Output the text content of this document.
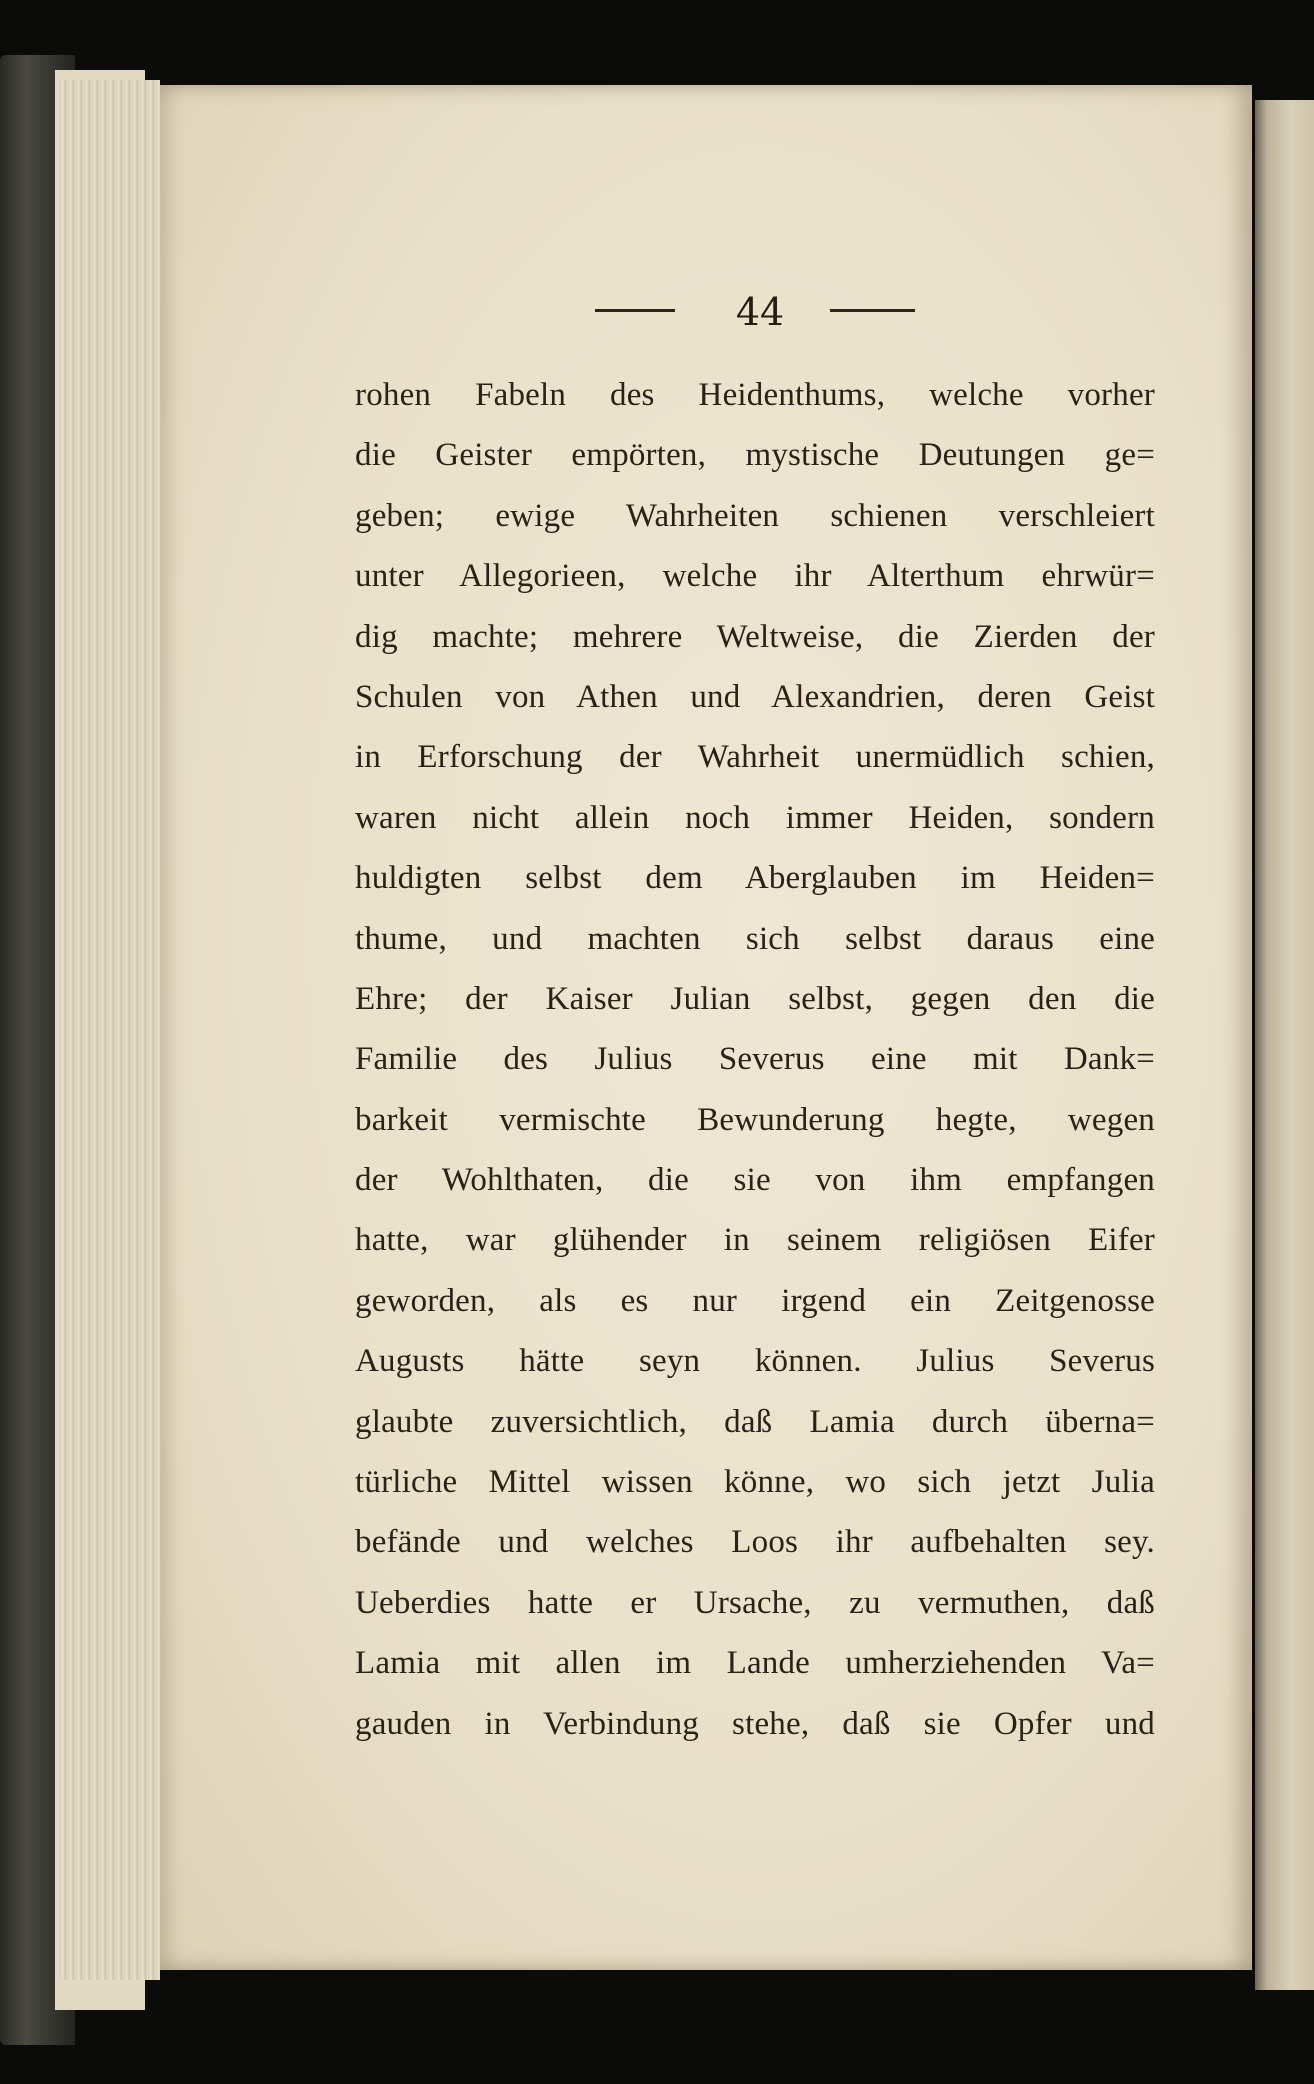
44
rohen Fabeln des Heidenthums, welche vorher
die Geister empörten, mystische Deutungen ge=
geben; ewige Wahrheiten schienen verschleiert
unter Allegorieen, welche ihr Alterthum ehrwür=
dig machte; mehrere Weltweise, die Zierden der
Schulen von Athen und Alexandrien, deren Geist
in Erforschung der Wahrheit unermüdlich schien,
waren nicht allein noch immer Heiden, sondern
huldigten selbst dem Aberglauben im Heiden=
thume, und machten sich selbst daraus eine
Ehre; der Kaiser Julian selbst, gegen den die
Familie des Julius Severus eine mit Dank=
barkeit vermischte Bewunderung hegte, wegen
der Wohlthaten, die sie von ihm empfangen
hatte, war glühender in seinem religiösen Eifer
geworden, als es nur irgend ein Zeitgenosse
Augusts hätte seyn können. Julius Severus
glaubte zuversichtlich, daß Lamia durch überna=
türliche Mittel wissen könne, wo sich jetzt Julia
befände und welches Loos ihr aufbehalten sey.
Ueberdies hatte er Ursache, zu vermuthen, daß
Lamia mit allen im Lande umherziehenden Va=
gauden in Verbindung stehe, daß sie Opfer und
